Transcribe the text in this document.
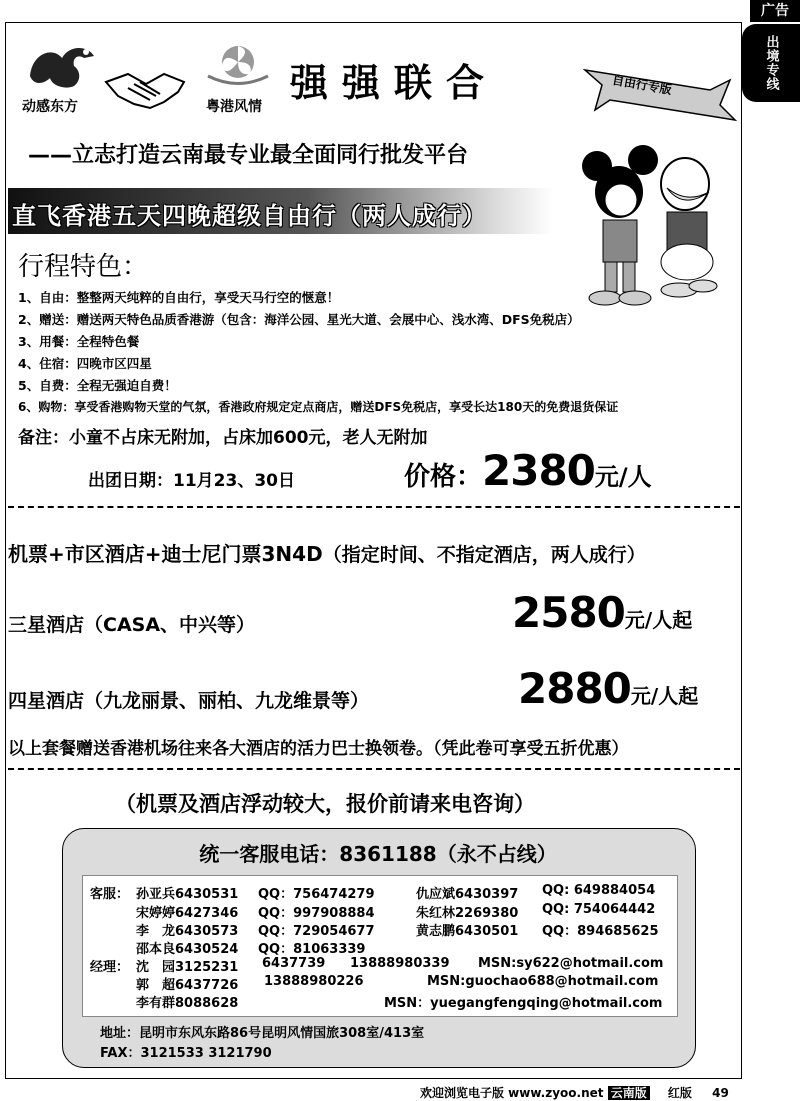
广告
出境专线
动感东方	粤港风情
强强联合	自由行专版
——立志打造云南最专业最全面同行批发平台
直飞香港五天四晚超级自由行（两人成行）
行程特色：
1、自由：整整两天纯粹的自由行，享受天马行空的惬意！
2、赠送：赠送两天特色品质香港游（包含：海洋公园、星光大道、会展中心、浅水湾、DFS免税店）
3、用餐：全程特色餐
4、住宿：四晚市区四星
5、自费：全程无强迫自费！
6、购物：享受香港购物天堂的气氛，香港政府规定定点商店，赠送DFS免税店，享受长达180天的免费退货保证
备注：小童不占床无附加，占床加600元，老人无附加
出团日期：11月23、30日	价格：2380元/人
机票+市区酒店+迪士尼门票3N4D（指定时间、不指定酒店，两人成行）
三星酒店（CASA、中兴等）	2580元/人起
四星酒店（九龙丽景、丽柏、九龙维景等）	2880元/人起
以上套餐赠送香港机场往来各大酒店的活力巴士换领卷。（凭此卷可享受五折优惠）
（机票及酒店浮动较大，报价前请来电咨询）
统一客服电话：8361188（永不占线）
客服： 孙亚兵6430531 QQ：756474279	仇应斌6430397 QQ: 649884054
宋婷婷6427346 QQ：997908884	朱红林2269380 QQ: 754064442
李　龙6430573 QQ：729054677	黄志鹏6430501 QQ：894685625
邵本良6430524 QQ：81063339
经理： 沈　园3125231 6437739 13888980339 MSN:sy622@hotmail.com
郭　超6437726 13888980226	MSN:guochao688@hotmail.com
李有群8088628	MSN：yuegangfengqing@hotmail.com
地址：昆明市东风东路86号昆明风情国旅308室/413室
FAX：3121533 3121790
欢迎浏览电子版 www.zyoo.net 云南版 红版 49
